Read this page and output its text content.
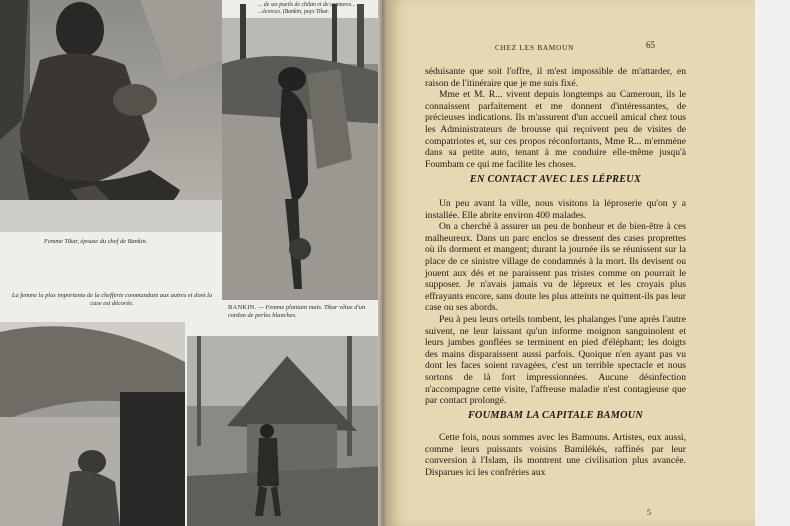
Femme Tikar, épouse du chef de Bankin.
... de ses pueils de chilan et de ceintures...
...écorces. (Bankin, pays Tikar.
La femme la plus importante de la chefferie commandant aux autres et dont la case est décorée.
BANKIN. — Femme plantant maïs. Tikar vêtue d'un cordon de perles blanches.
CHEZ LES BAMOUN	65

séduisante que soit l'offre, il m'est impossible de m'attarder, en raison de l'itinéraire que je me suis fixé.

Mme et M. R... vivent depuis longtemps au Cameroun, ils le connaissent parfaitement et me donnent d'intéressantes, de précieuses indications. Ils m'assurent d'un accueil amical chez tous les Administrateurs de brousse qui reçoivent peu de visites de compatriotes et, sur ces propos réconfortants, Mme R... m'emmène dans sa petite auto, tenant à me conduire elle-même jusqu'à Foumbam ce qui me facilite les choses.

EN CONTACT AVEC LES LÉPREUX

Un peu avant la ville, nous visitons la léproserie qu'on y a installée. Elle abrite environ 400 malades.

On a cherché à assurer un peu de bonheur et de bien-être à ces malheureux. Dans un parc enclos se dressent des cases proprettes où ils dorment et mangent; durant la journée ils se réunissent sur la place de ce sinistre village de condamnés à la mort. Ils devisent ou jouent aux dés et ne paraissent pas tristes comme on pourrait le supposer. Je n'avais jamais vu de lépreux et les croyais plus effrayants encore, sans doute les plus atteints ne quittent-ils pas leur case ou ses abords.

Peu à peu leurs orteils tombent, les phalanges l'une après l'autre suivent, ne leur laissant qu'un informe moignon sanguinolent et leurs jambes gonflées se terminent en pied d'éléphant; les doigts des mains disparaissent aussi parfois. Quoique n'en ayant pas vu dont les faces soient ravagées, c'est un terrible spectacle et nous sortons de là fort impressionnées. Aucune désinfection n'accompagne cette visite, l'affreuse maladie n'est contagieuse que par contact prolongé.

FOUMBAM LA CAPITALE BAMOUN

Cette fois, nous sommes avec les Bamouns. Artistes, eux aussi, comme leurs puissants voisins Bamilékés, raffinés par leur conversion à l'Islam, ils montrent une civilisation plus avancée. Disparues ici les confréries aux

5
